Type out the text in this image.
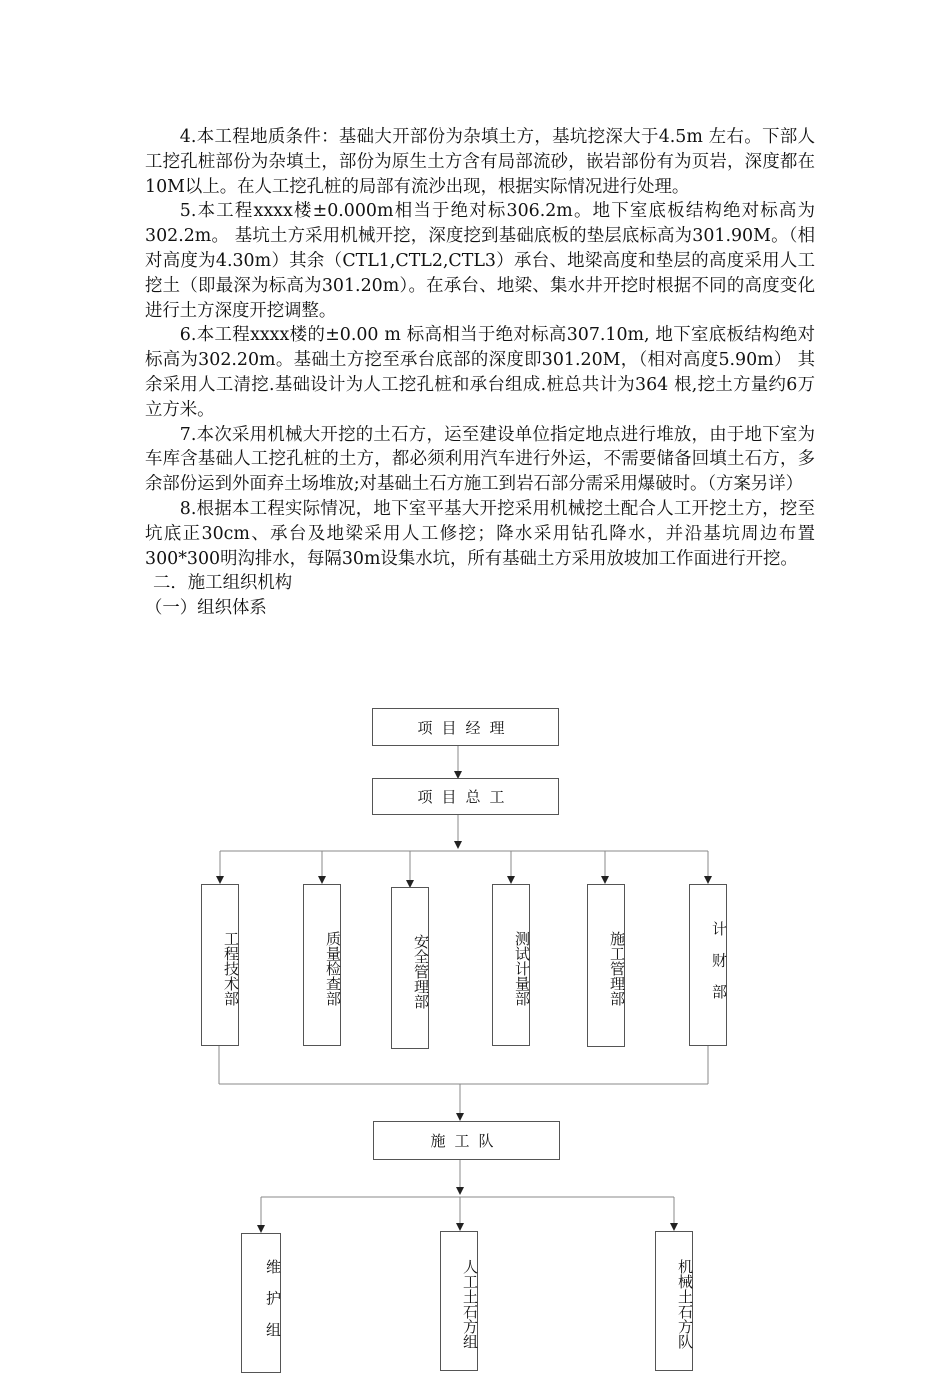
4.本工程地质条件：基础大开部份为杂填土方，基坑挖深大于4.5m 左右。下部人工挖孔桩部份为杂填土，部份为原生土方含有局部流砂，嵌岩部份有为页岩，深度都在10M以上。在人工挖孔桩的局部有流沙出现，根据实际情况进行处理。

5.本工程xxxx楼±0.000m相当于绝对标306.2m。地下室底板结构绝对标高为302.2m。 基坑土方采用机械开挖，深度挖到基础底板的垫层底标高为301.90M。（相对高度为4.30m）其余（CTL1,CTL2,CTL3）承台、地梁高度和垫层的高度采用人工挖土（即最深为标高为301.20m）。在承台、地梁、集水井开挖时根据不同的高度变化进行土方深度开挖调整。

6.本工程xxxx楼的±0.00 m 标高相当于绝对标高307.10m, 地下室底板结构绝对标高为302.20m。基础土方挖至承台底部的深度即301.20M，（相对高度5.90m） 其余采用人工清挖.基础设计为人工挖孔桩和承台组成.桩总共计为364 根,挖土方量约6万立方米。

7.本次采用机械大开挖的土石方，运至建设单位指定地点进行堆放，由于地下室为车库含基础人工挖孔桩的土方，都必须利用汽车进行外运，不需要储备回填土石方，多余部份运到外面弃土场堆放;对基础土石方施工到岩石部分需采用爆破时。（方案另详）

8.根据本工程实际情况，地下室平基大开挖采用机械挖土配合人工开挖土方，挖至坑底正30cm、承台及地梁采用人工修挖；降水采用钻孔降水，并沿基坑周边布置300*300明沟排水，每隔30m设集水坑，所有基础土方采用放坡加工作面进行开挖。

二．施工组织机构

（一）组织体系

项目经理
项目总工
工程技术部	质量检查部	安全管理部	测试计量部	施工管理部	计财部
施工队
维护组	人工土石方组	机械土石方队
